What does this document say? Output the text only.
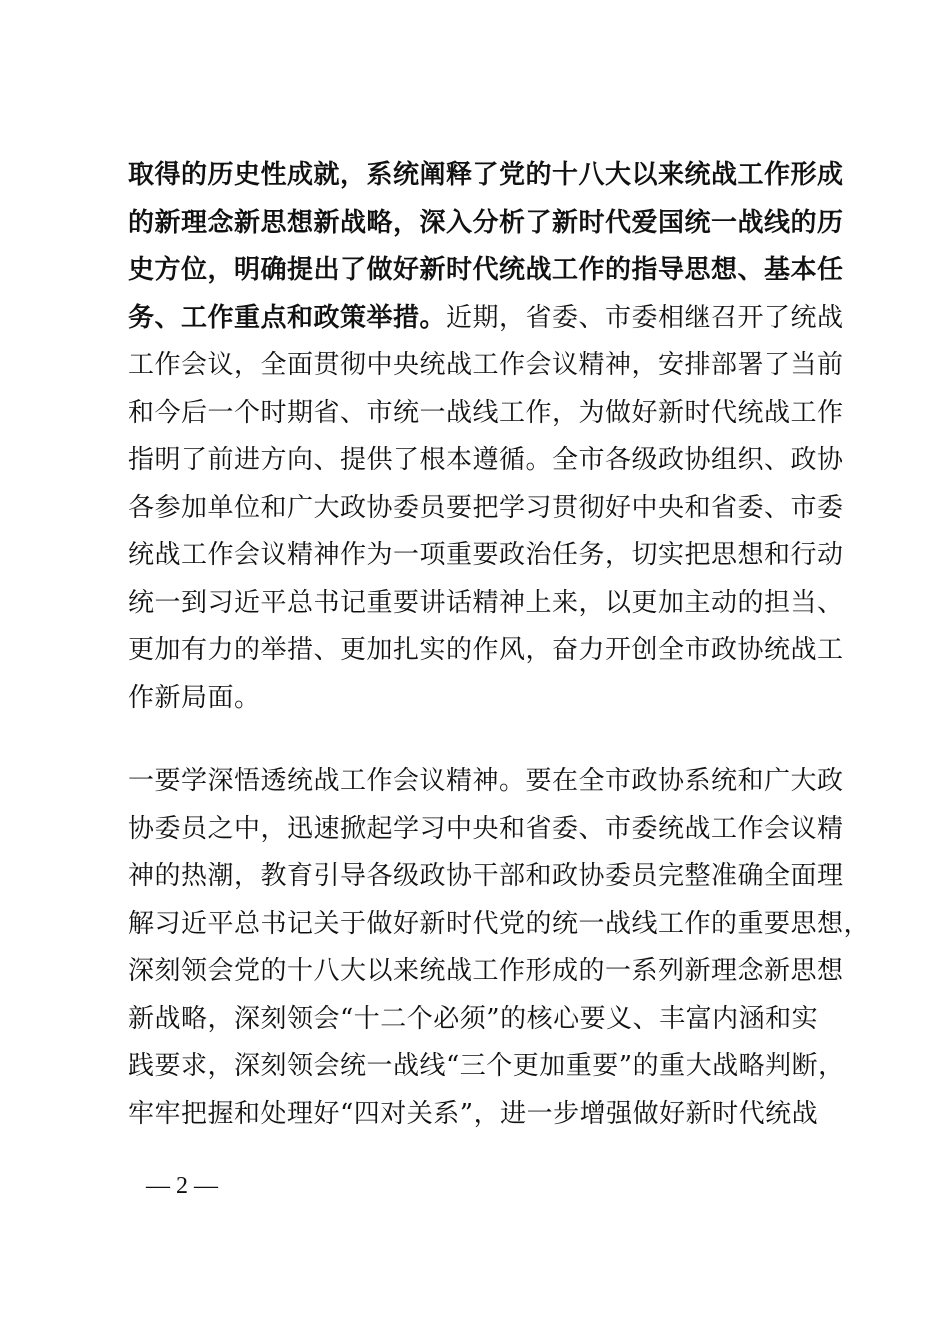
取得的历史性成就，系统阐释了党的十八大以来统战工作形成
的新理念新思想新战略，深入分析了新时代爱国统一战线的历
史方位，明确提出了做好新时代统战工作的指导思想、基本任
务、工作重点和政策举措。近期，省委、市委相继召开了统战
工作会议，全面贯彻中央统战工作会议精神，安排部署了当前
和今后一个时期省、市统一战线工作，为做好新时代统战工作
指明了前进方向、提供了根本遵循。全市各级政协组织、政协
各参加单位和广大政协委员要把学习贯彻好中央和省委、市委
统战工作会议精神作为一项重要政治任务，切实把思想和行动
统一到习近平总书记重要讲话精神上来，以更加主动的担当、
更加有力的举措、更加扎实的作风，奋力开创全市政协统战工
作新局面。
一要学深悟透统战工作会议精神。要在全市政协系统和广大政
协委员之中，迅速掀起学习中央和省委、市委统战工作会议精
神的热潮，教育引导各级政协干部和政协委员完整准确全面理
解习近平总书记关于做好新时代党的统一战线工作的重要思想，
深刻领会党的十八大以来统战工作形成的一系列新理念新思想
新战略，深刻领会“十二个必须”的核心要义、丰富内涵和实
践要求，深刻领会统一战线“三个更加重要”的重大战略判断，
牢牢把握和处理好“四对关系”，进一步增强做好新时代统战
— 2 —
